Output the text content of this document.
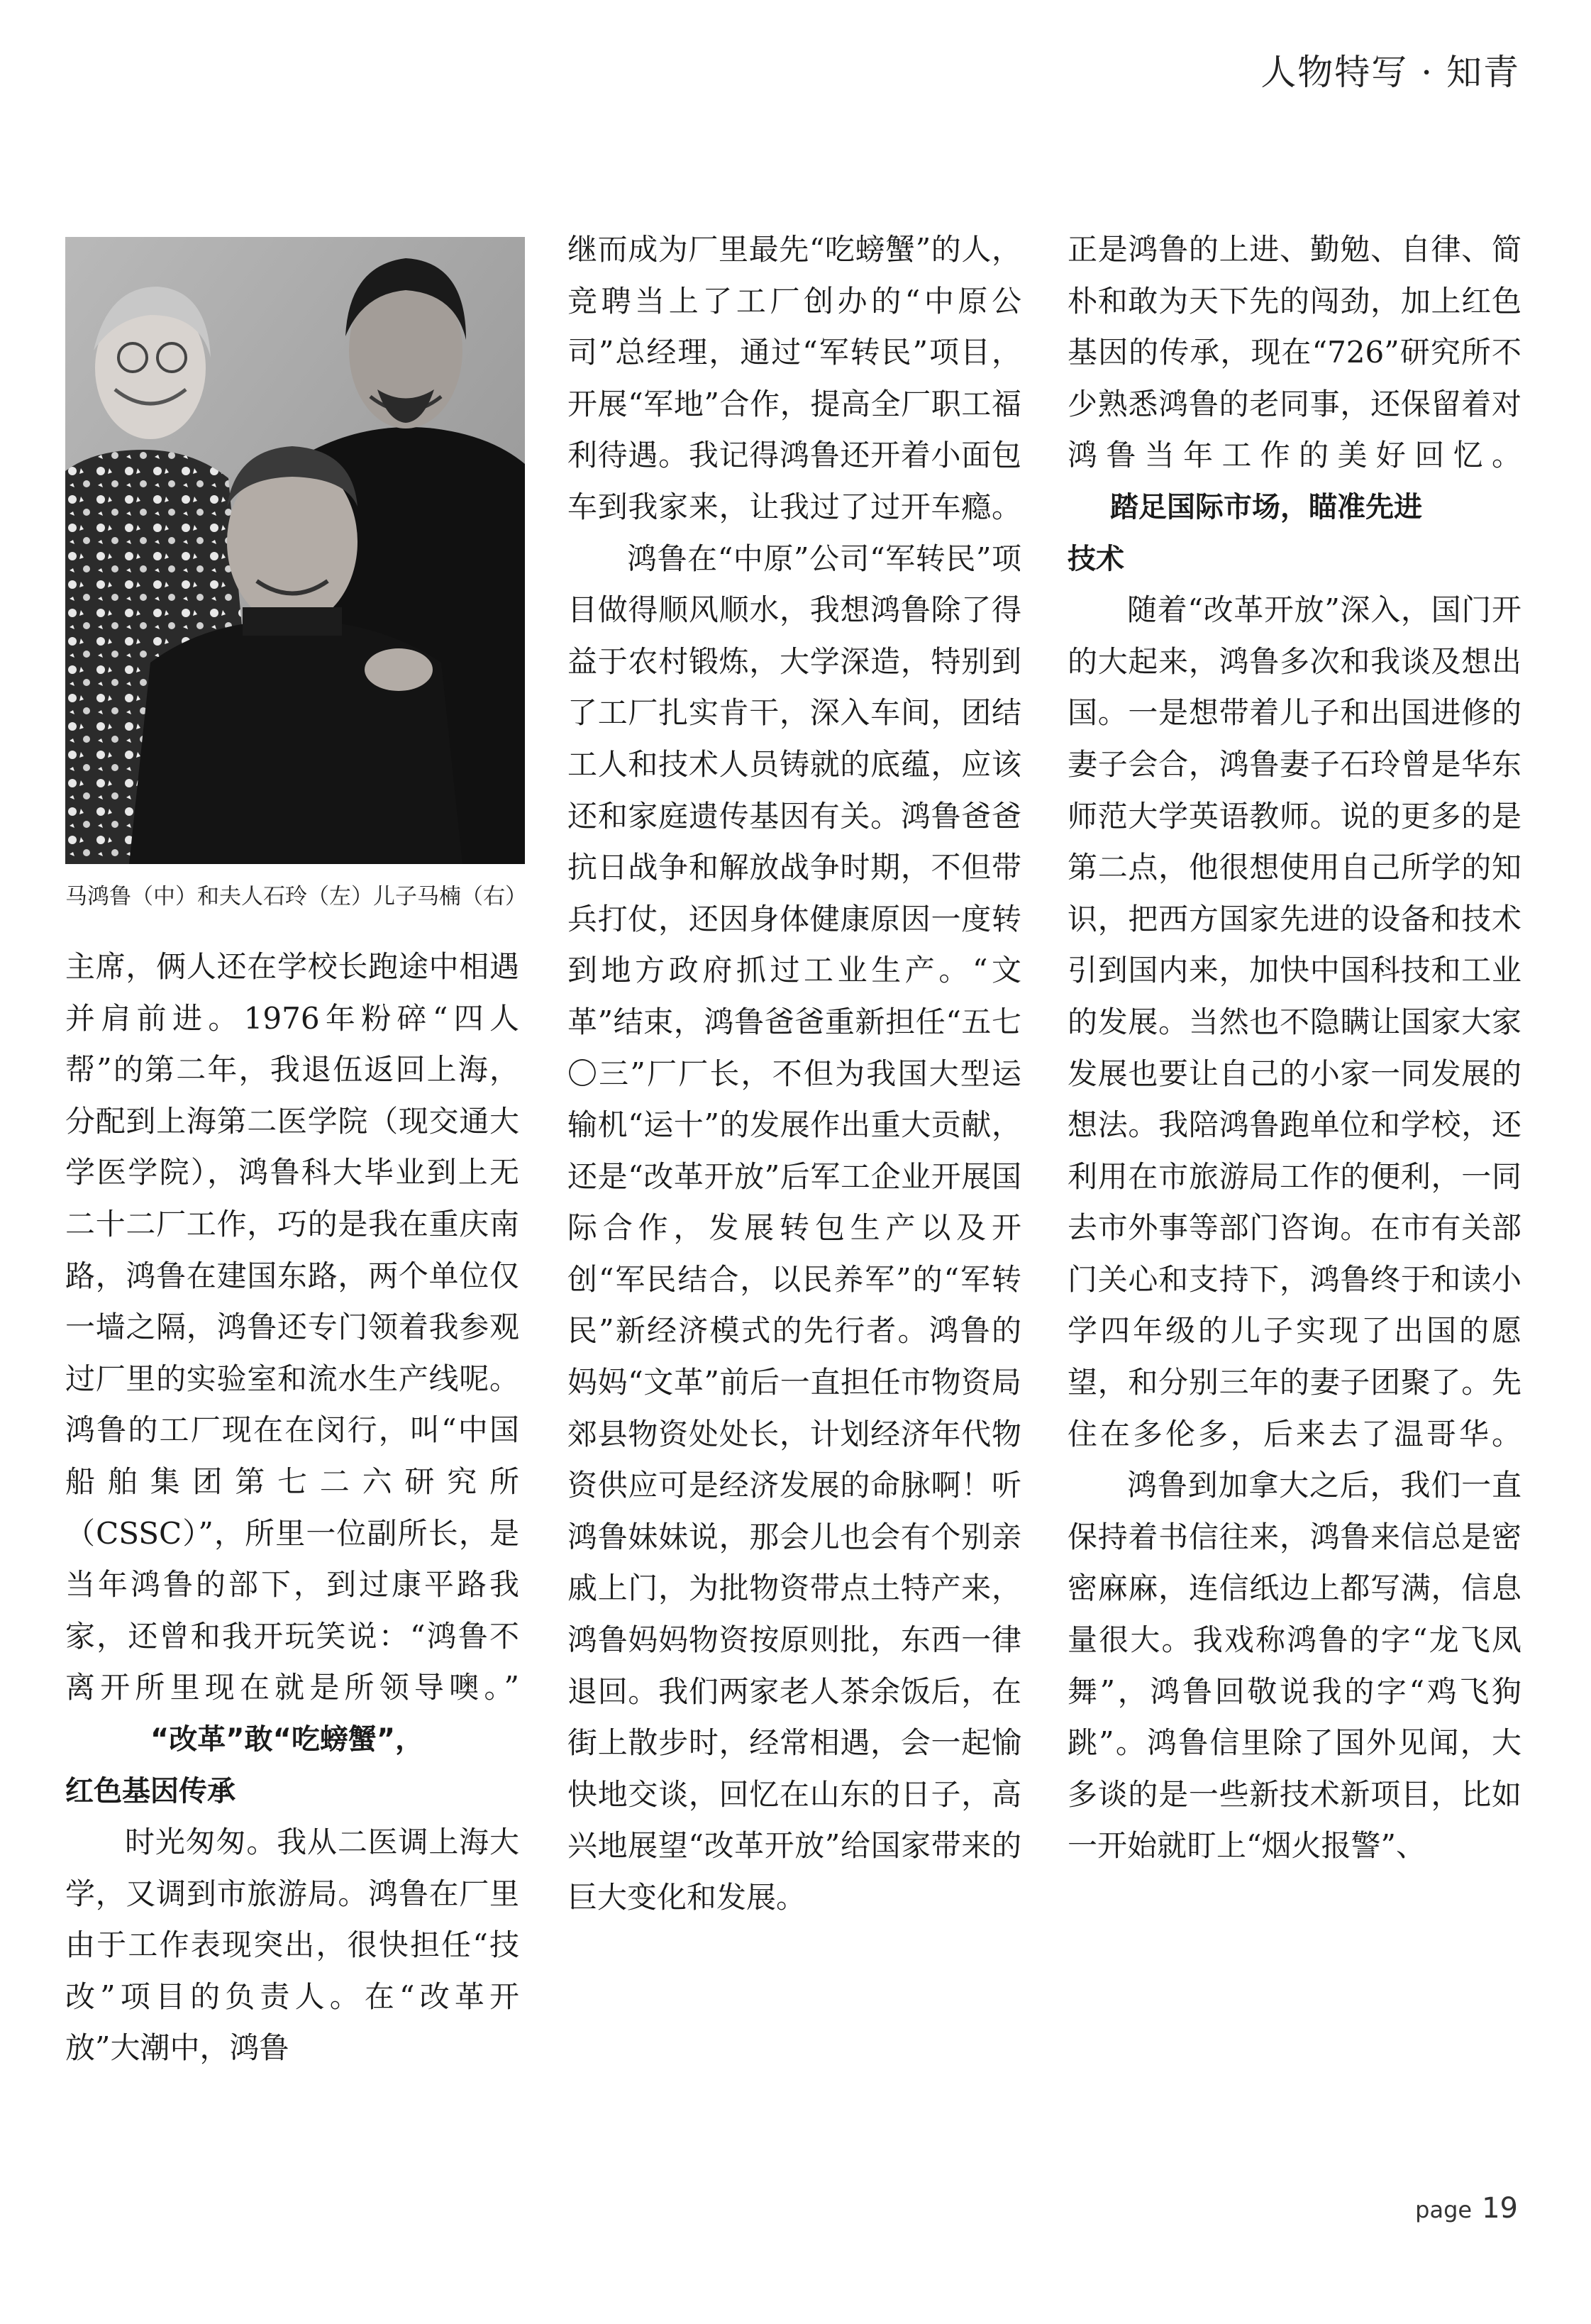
人物特写 · 知青
马鸿鲁（中）和夫人石玲（左）儿子马楠（右）

主席，俩人还在学校长跑途中相遇并肩前进。1976年粉碎“四人帮”的第二年，我退伍返回上海，分配到上海第二医学院（现交通大学医学院），鸿鲁科大毕业到上无二十二厂工作，巧的是我在重庆南路，鸿鲁在建国东路，两个单位仅一墙之隔，鸿鲁还专门领着我参观过厂里的实验室和流水生产线呢。鸿鲁的工厂现在在闵行，叫“中国船舶集团第七二六研究所（CSSC）”，所里一位副所长，是当年鸿鲁的部下，到过康平路我家，还曾和我开玩笑说：“鸿鲁不离开所里现在就是所领导噢。”

“改革”敢“吃螃蟹”，
红色基因传承

时光匆匆。我从二医调上海大学，又调到市旅游局。鸿鲁在厂里由于工作表现突出，很快担任“技改”项目的负责人。在“改革开放”大潮中，鸿鲁

继而成为厂里最先“吃螃蟹”的人，竞聘当上了工厂创办的“中原公司”总经理，通过“军转民”项目，开展“军地”合作，提高全厂职工福利待遇。我记得鸿鲁还开着小面包车到我家来，让我过了过开车瘾。

鸿鲁在“中原”公司“军转民”项目做得顺风顺水，我想鸿鲁除了得益于农村锻炼，大学深造，特别到了工厂扎实肯干，深入车间，团结工人和技术人员铸就的底蕴，应该还和家庭遗传基因有关。鸿鲁爸爸抗日战争和解放战争时期，不但带兵打仗，还因身体健康原因一度转到地方政府抓过工业生产。“文革”结束，鸿鲁爸爸重新担任“五七〇三”厂厂长，不但为我国大型运输机“运十”的发展作出重大贡献，还是“改革开放”后军工企业开展国际合作，发展转包生产以及开创“军民结合，以民养军”的“军转民”新经济模式的先行者。鸿鲁的妈妈“文革”前后一直担任市物资局郊县物资处处长，计划经济年代物资供应可是经济发展的命脉啊！听鸿鲁妹妹说，那会儿也会有个别亲戚上门，为批物资带点土特产来，鸿鲁妈妈物资按原则批，东西一律退回。我们两家老人茶余饭后，在街上散步时，经常相遇，会一起愉快地交谈，回忆在山东的日子，高兴地展望“改革开放”给国家带来的巨大变化和发展。

正是鸿鲁的上进、勤勉、自律、简朴和敢为天下先的闯劲，加上红色基因的传承，现在“726”研究所不少熟悉鸿鲁的老同事，还保留着对鸿鲁当年工作的美好回忆。

踏足国际市场，瞄准先进
技术

随着“改革开放”深入，国门开的大起来，鸿鲁多次和我谈及想出国。一是想带着儿子和出国进修的妻子会合，鸿鲁妻子石玲曾是华东师范大学英语教师。说的更多的是第二点，他很想使用自己所学的知识，把西方国家先进的设备和技术引到国内来，加快中国科技和工业的发展。当然也不隐瞒让国家大家发展也要让自己的小家一同发展的想法。我陪鸿鲁跑单位和学校，还利用在市旅游局工作的便利，一同去市外事等部门咨询。在市有关部门关心和支持下，鸿鲁终于和读小学四年级的儿子实现了出国的愿望，和分别三年的妻子团聚了。先住在多伦多，后来去了温哥华。

鸿鲁到加拿大之后，我们一直保持着书信往来，鸿鲁来信总是密密麻麻，连信纸边上都写满，信息量很大。我戏称鸿鲁的字“龙飞凤舞”，鸿鲁回敬说我的字“鸡飞狗跳”。鸿鲁信里除了国外见闻，大多谈的是一些新技术新项目，比如一开始就盯上“烟火报警”、

page 19
